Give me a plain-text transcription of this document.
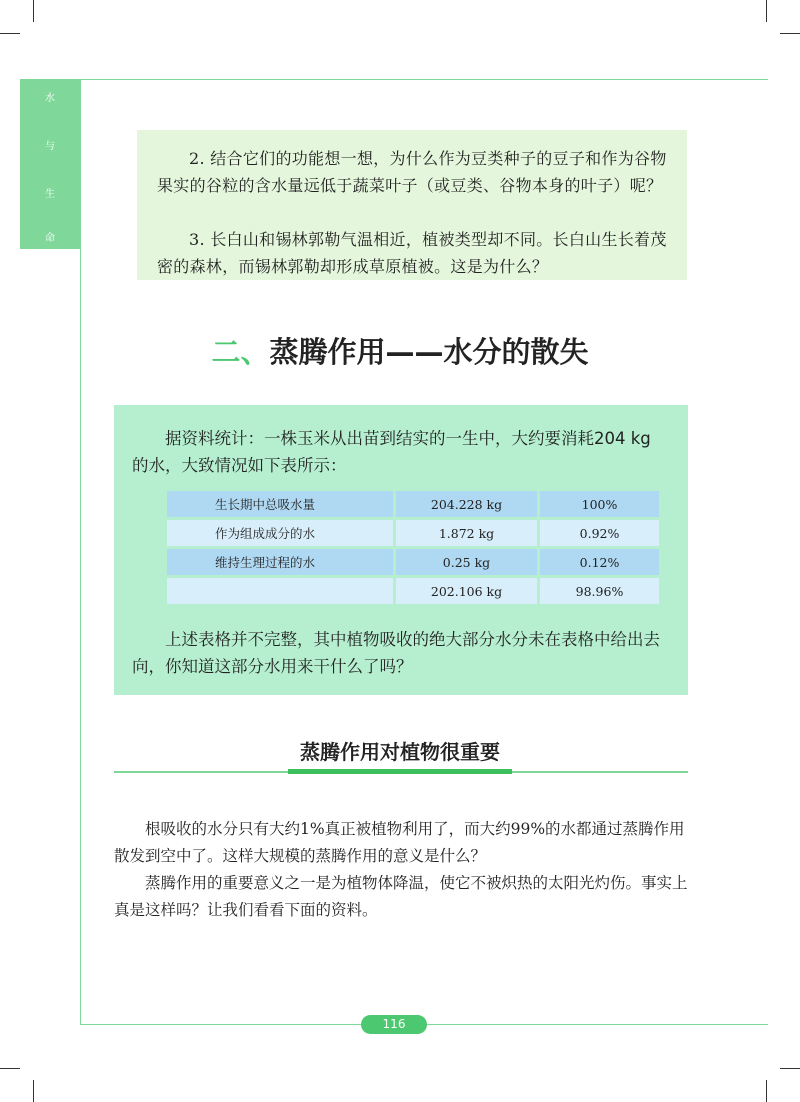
水
与
生
命

2. 结合它们的功能想一想，为什么作为豆类种子的豆子和作为谷物果实的谷粒的含水量远低于蔬菜叶子（或豆类、谷物本身的叶子）呢？

3. 长白山和锡林郭勒气温相近，植被类型却不同。长白山生长着茂密的森林，而锡林郭勒却形成草原植被。这是为什么？

二、蒸腾作用——水分的散失

据资料统计：一株玉米从出苗到结实的一生中，大约要消耗204 kg 的水，大致情况如下表所示：

生长期中总吸水量	204.228 kg	100%
作为组成成分的水	1.872 kg	0.92%
维持生理过程的水	0.25 kg	0.12%
	202.106 kg	98.96%

上述表格并不完整，其中植物吸收的绝大部分水分未在表格中给出去向，你知道这部分水用来干什么了吗？

蒸腾作用对植物很重要

根吸收的水分只有大约1%真正被植物利用了，而大约99%的水都通过蒸腾作用散发到空中了。这样大规模的蒸腾作用的意义是什么？

蒸腾作用的重要意义之一是为植物体降温，使它不被炽热的太阳光灼伤。事实上真是这样吗？让我们看看下面的资料。

116
